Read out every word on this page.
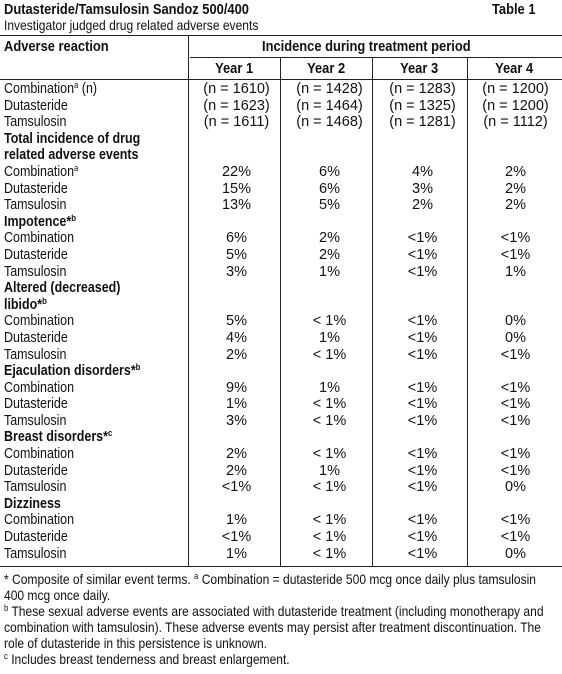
Dutasteride/Tamsulosin Sandoz 500/400	Table 1
Investigator judged drug related adverse events
Adverse reaction	Incidence during treatment period
Year 1	Year 2	Year 3	Year 4
Combination$^a$ (n)	(n = 1610)	(n = 1428)	(n = 1283)	(n = 1200)
Dutasteride	(n = 1623)	(n = 1464)	(n = 1325)	(n = 1200)
Tamsulosin	(n = 1611)	(n = 1468)	(n = 1281)	(n = 1112)
Total incidence of drug				
related adverse events				
Combination$^a$	22%	6%	4%	2%
Dutasteride	15%	6%	3%	2%
Tamsulosin	13%	5%	2%	2%
Impotence*$^b$				
Combination	6%	2%	<1%	<1%
Dutasteride	5%	2%	<1%	<1%
Tamsulosin	3%	1%	<1%	1%
Altered (decreased)				
libido*$^b$				
Combination	5%	< 1%	<1%	0%
Dutasteride	4%	1%	<1%	0%
Tamsulosin	2%	< 1%	<1%	<1%
Ejaculation disorders*$^b$				
Combination	9%	1%	<1%	<1%
Dutasteride	1%	< 1%	<1%	<1%
Tamsulosin	3%	< 1%	<1%	<1%
Breast disorders*$^c$				
Combination	2%	< 1%	<1%	<1%
Dutasteride	2%	1%	<1%	<1%
Tamsulosin	<1%	< 1%	<1%	0%
Dizziness				
Combination	1%	< 1%	<1%	<1%
Dutasteride	<1%	< 1%	<1%	<1%
Tamsulosin	1%	< 1%	<1%	0%

* Composite of similar event terms. $^a$ Combination = dutasteride 500 mcg once daily plus tamsulosin 400 mcg once daily.

$^b$ These sexual adverse events are associated with dutasteride treatment (including monotherapy and combination with tamsulosin). These adverse events may persist after treatment discontinuation. The role of dutasteride in this persistence is unknown.

$^c$ Includes breast tenderness and breast enlargement.
